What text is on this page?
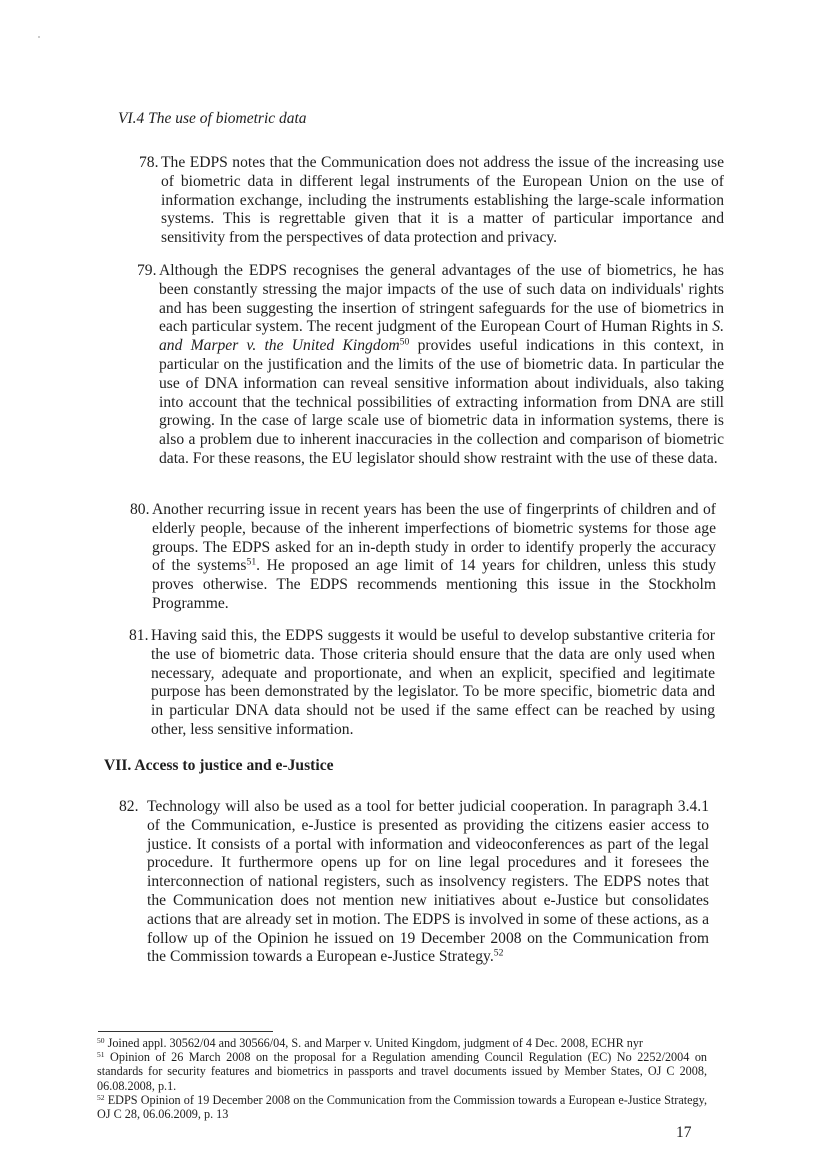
VI.4 The use of biometric data

78. The EDPS notes that the Communication does not address the issue of the increasing use of biometric data in different legal instruments of the European Union on the use of information exchange, including the instruments establishing the large-scale information systems. This is regrettable given that it is a matter of particular importance and sensitivity from the perspectives of data protection and privacy.
79. Although the EDPS recognises the general advantages of the use of biometrics, he has been constantly stressing the major impacts of the use of such data on individuals' rights and has been suggesting the insertion of stringent safeguards for the use of biometrics in each particular system. The recent judgment of the European Court of Human Rights in S. and Marper v. the United Kingdom$^{50}$ provides useful indications in this context, in particular on the justification and the limits of the use of biometric data. In particular the use of DNA information can reveal sensitive information about individuals, also taking into account that the technical possibilities of extracting information from DNA are still growing. In the case of large scale use of biometric data in information systems, there is also a problem due to inherent inaccuracies in the collection and comparison of biometric data. For these reasons, the EU legislator should show restraint with the use of these data.
80. Another recurring issue in recent years has been the use of fingerprints of children and of elderly people, because of the inherent imperfections of biometric systems for those age groups. The EDPS asked for an in-depth study in order to identify properly the accuracy of the systems$^{51}$. He proposed an age limit of 14 years for children, unless this study proves otherwise. The EDPS recommends mentioning this issue in the Stockholm Programme.
81. Having said this, the EDPS suggests it would be useful to develop substantive criteria for the use of biometric data. Those criteria should ensure that the data are only used when necessary, adequate and proportionate, and when an explicit, specified and legitimate purpose has been demonstrated by the legislator. To be more specific, biometric data and in particular DNA data should not be used if the same effect can be reached by using other, less sensitive information.

VII. Access to justice and e-Justice

82. Technology will also be used as a tool for better judicial cooperation. In paragraph 3.4.1 of the Communication, e-Justice is presented as providing the citizens easier access to justice. It consists of a portal with information and videoconferences as part of the legal procedure. It furthermore opens up for on line legal procedures and it foresees the interconnection of national registers, such as insolvency registers. The EDPS notes that the Communication does not mention new initiatives about e-Justice but consolidates actions that are already set in motion. The EDPS is involved in some of these actions, as a follow up of the Opinion he issued on 19 December 2008 on the Communication from the Commission towards a European e-Justice Strategy.$^{52}$

$^{50}$ Joined appl. 30562/04 and 30566/04, S. and Marper v. United Kingdom, judgment of 4 Dec. 2008, ECHR nyr

$^{51}$ Opinion of 26 March 2008 on the proposal for a Regulation amending Council Regulation (EC) No 2252/2004 on standards for security features and biometrics in passports and travel documents issued by Member States, OJ C 2008, 06.08.2008, p.1.

$^{52}$ EDPS Opinion of 19 December 2008 on the Communication from the Commission towards a European e-Justice Strategy, OJ C 28, 06.06.2009, p. 13

17
